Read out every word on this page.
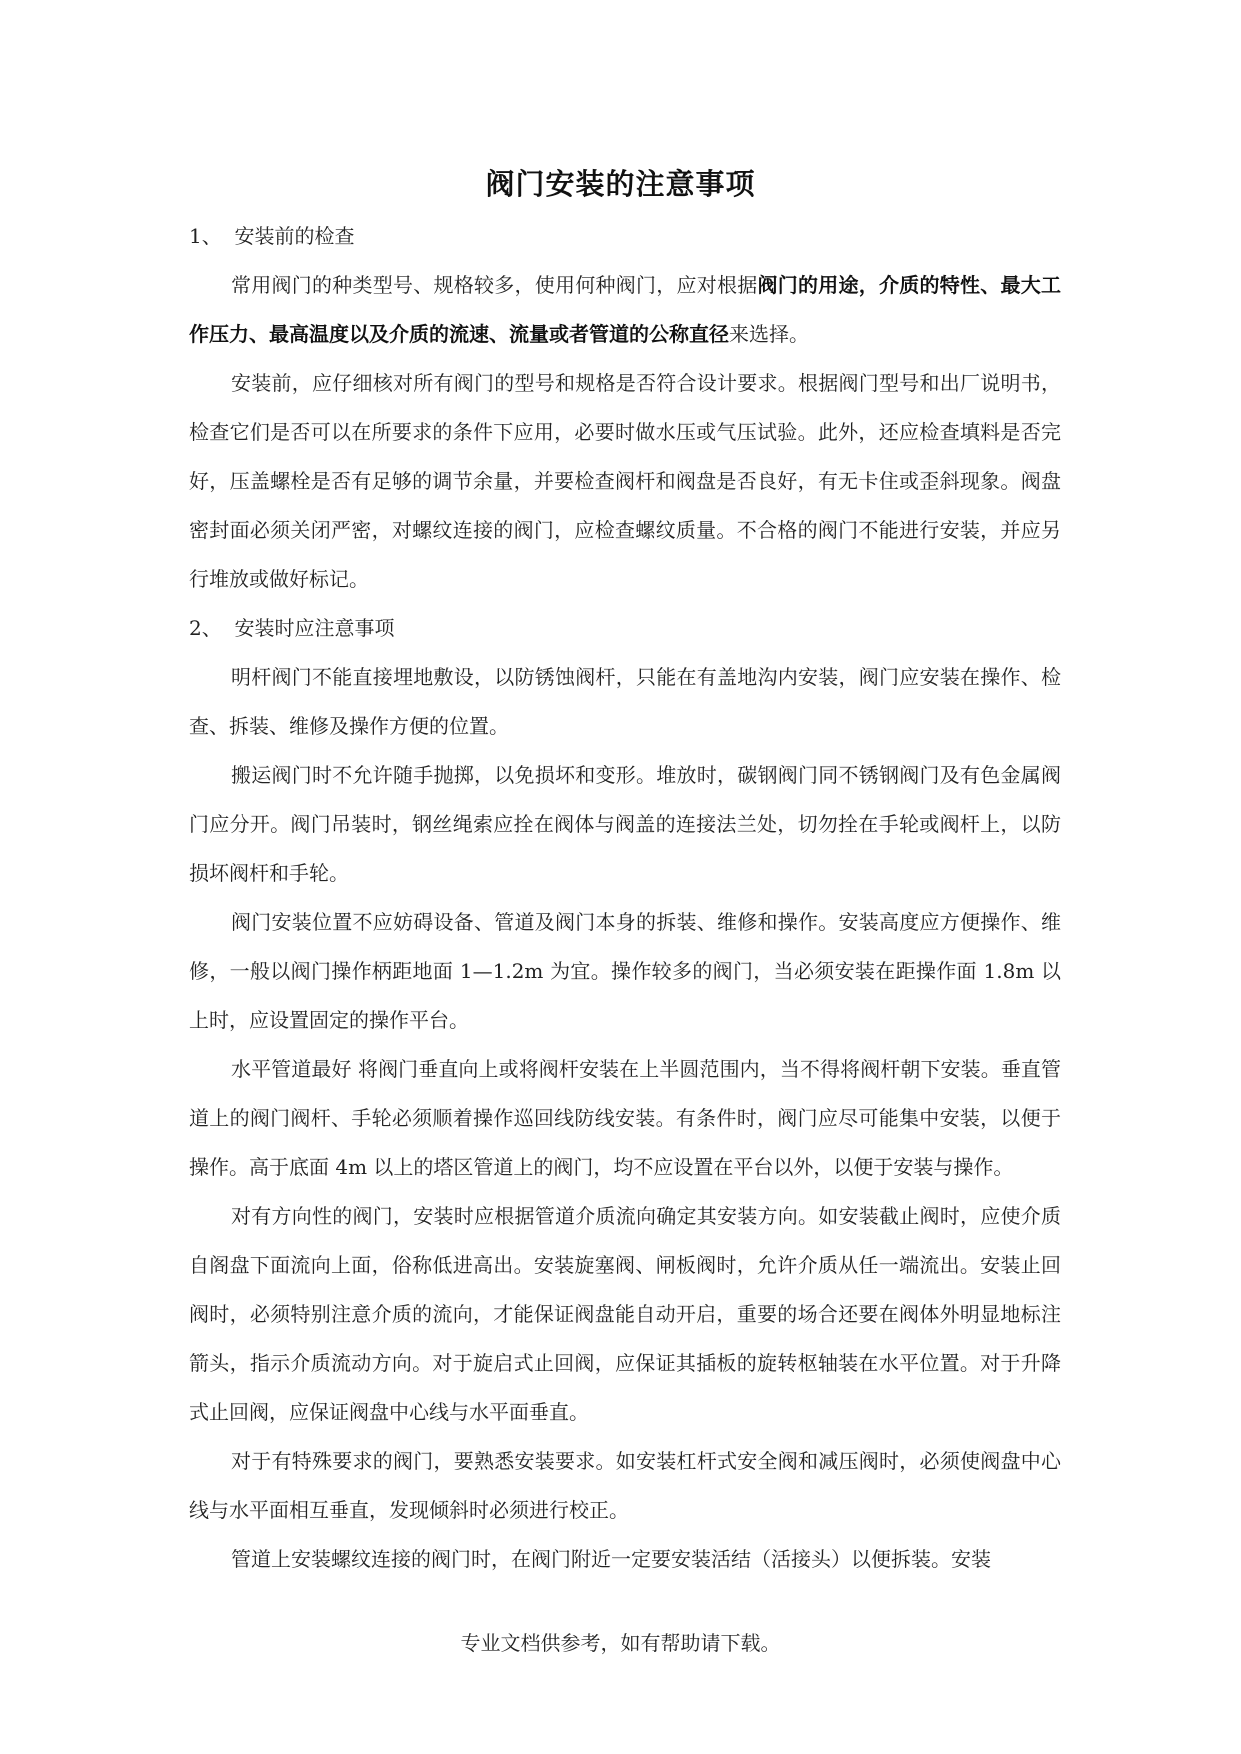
阀门安装的注意事项

1、  安装前的检查

常用阀门的种类型号、规格较多，使用何种阀门，应对根据阀门的用途，介质的特性、最大工作压力、最高温度以及介质的流速、流量或者管道的公称直径来选择。

安装前，应仔细核对所有阀门的型号和规格是否符合设计要求。根据阀门型号和出厂说明书，检查它们是否可以在所要求的条件下应用，必要时做水压或气压试验。此外，还应检查填料是否完好，压盖螺栓是否有足够的调节余量，并要检查阀杆和阀盘是否良好，有无卡住或歪斜现象。阀盘密封面必须关闭严密，对螺纹连接的阀门，应检查螺纹质量。不合格的阀门不能进行安装，并应另行堆放或做好标记。

2、  安装时应注意事项

明杆阀门不能直接埋地敷设，以防锈蚀阀杆，只能在有盖地沟内安装，阀门应安装在操作、检查、拆装、维修及操作方便的位置。

搬运阀门时不允许随手抛掷，以免损坏和变形。堆放时，碳钢阀门同不锈钢阀门及有色金属阀门应分开。阀门吊装时，钢丝绳索应拴在阀体与阀盖的连接法兰处，切勿拴在手轮或阀杆上，以防损坏阀杆和手轮。

阀门安装位置不应妨碍设备、管道及阀门本身的拆装、维修和操作。安装高度应方便操作、维修，一般以阀门操作柄距地面 1—1.2m 为宜。操作较多的阀门，当必须安装在距操作面 1.8m 以上时，应设置固定的操作平台。

水平管道最好 将阀门垂直向上或将阀杆安装在上半圆范围内，当不得将阀杆朝下安装。垂直管道上的阀门阀杆、手轮必须顺着操作巡回线防线安装。有条件时，阀门应尽可能集中安装，以便于操作。高于底面 4m 以上的塔区管道上的阀门，均不应设置在平台以外，以便于安装与操作。

对有方向性的阀门，安装时应根据管道介质流向确定其安装方向。如安装截止阀时，应使介质自阁盘下面流向上面，俗称低进高出。安装旋塞阀、闸板阀时，允许介质从任一端流出。安装止回阀时，必须特别注意介质的流向，才能保证阀盘能自动开启，重要的场合还要在阀体外明显地标注箭头，指示介质流动方向。对于旋启式止回阀，应保证其插板的旋转枢轴装在水平位置。对于升降式止回阀，应保证阀盘中心线与水平面垂直。

对于有特殊要求的阀门，要熟悉安装要求。如安装杠杆式安全阀和减压阀时，必须使阀盘中心线与水平面相互垂直，发现倾斜时必须进行校正。

管道上安装螺纹连接的阀门时，在阀门附近一定要安装活结（活接头）以便拆装。安装

专业文档供参考，如有帮助请下载。
